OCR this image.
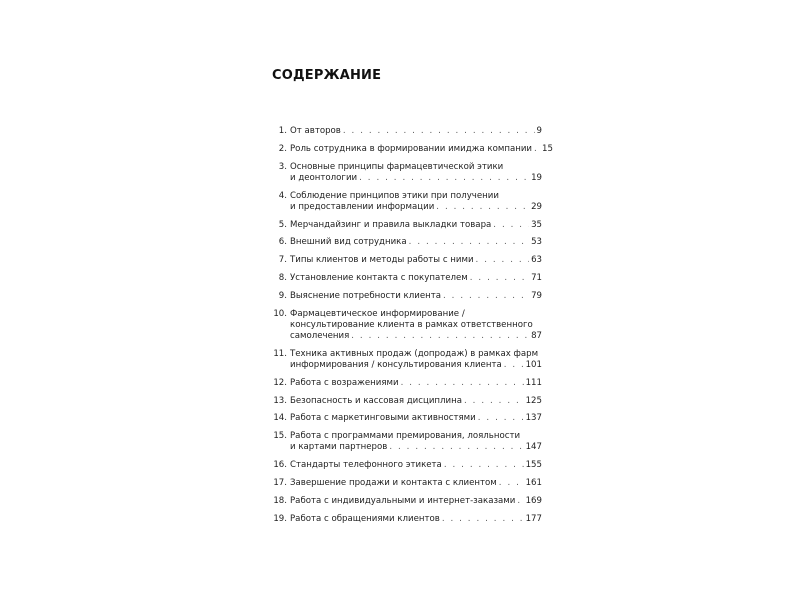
СОДЕРЖАНИЕ
1. От авторов . . .	9
2. Роль сотрудника в формировании имиджа компании . . . 15
3. Основные принципы фармацевтической этики
и деонтологии . . .	19
4. Соблюдение принципов этики при получении
и предоставлении информации . . .	29
5. Мерчандайзинг и правила выкладки товара . . .	35
6. Внешний вид сотрудника . . .	53
7. Типы клиентов и методы работы с ними . . .	63
8. Установление контакта с покупателем . . .	71
9. Выяснение потребности клиента . . .	79
10. Фармацевтическое информирование /
консультирование клиента в рамках ответственного
самолечения . . .	87
11. Техника активных продаж (допродаж) в рамках фарм
информирования / консультирования клиента . . .	101
12. Работа с возражениями . . .	111
13. Безопасность и кассовая дисциплина . . .	125
14. Работа с маркетинговыми активностями . . .	137
15. Работа с программами премирования, лояльности
и картами партнеров . . .	147
16. Стандарты телефонного этикета . . .	155
17. Завершение продажи и контакта с клиентом . . .	161
18. Работа с индивидуальными и интернет-заказами . . . 169
19. Работа с обращениями клиентов . . .	177
